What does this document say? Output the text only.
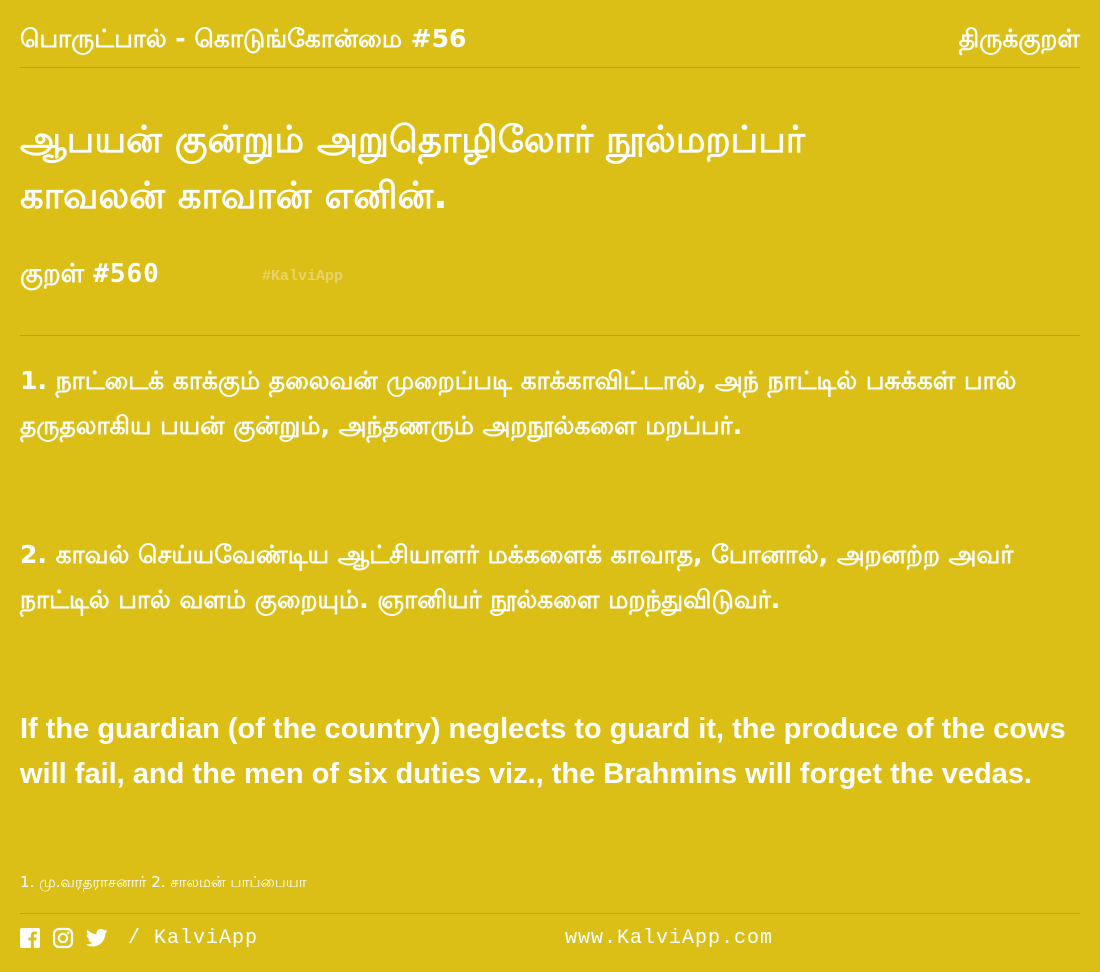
பொருட்பால் - கொடுங்கோன்மை #56	திருக்குறள்
ஆபயன் குன்றும் அறுதொழிலோர் நூல்மறப்பர்
காவலன் காவான் எனின்.
குறள் #560	#KalviApp

1. நாட்டைக் காக்கும் தலைவன் முறைப்படி காக்காவிட்டால், அந் நாட்டில் பசுக்கள் பால் தருதலாகிய பயன் குன்றும், அந்தணரும் அறநூல்களை மறப்பர்.

2. காவல் செய்யவேண்டிய ஆட்சியாளர் மக்களைக் காவாத, போனால், அறனற்ற அவர் நாட்டில் பால் வளம் குறையும். ஞானியர் நூல்களை மறந்துவிடுவர்.

If the guardian (of the country) neglects to guard it, the produce of the cows will fail, and the men of six duties viz., the Brahmins will forget the vedas.

1. மு.வரதராசனார் 2. சாலமன் பாப்பையா
/ KalviApp	www.KalviApp.com
